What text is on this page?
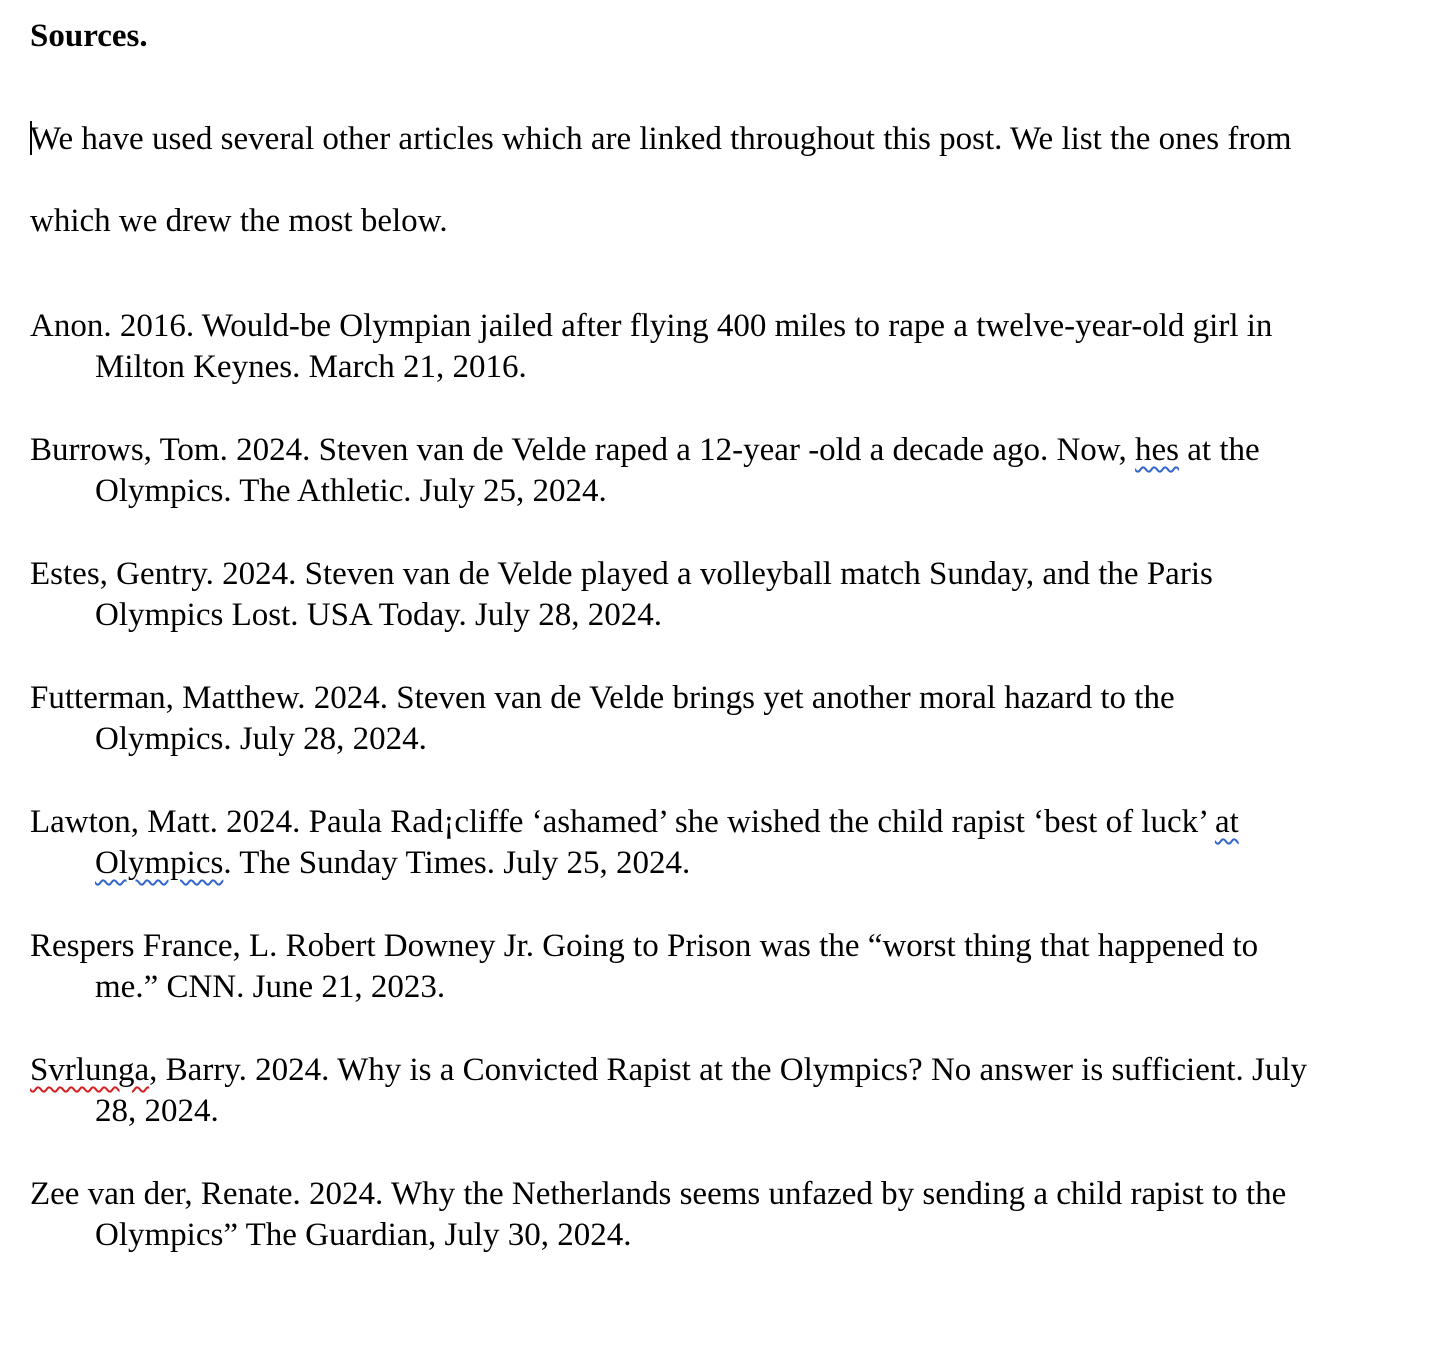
Sources.
We have used several other articles which are linked throughout this post. We list the ones from
which we drew the most below.
Anon. 2016. Would-be Olympian jailed after flying 400 miles to rape a twelve-year-old girl in
Milton Keynes. March 21, 2016.
Burrows, Tom. 2024. Steven van de Velde raped a 12-year -old a decade ago. Now, hes at the
Olympics. The Athletic. July 25, 2024.
Estes, Gentry. 2024. Steven van de Velde played a volleyball match Sunday, and the Paris
Olympics Lost. USA Today. July 28, 2024.
Futterman, Matthew. 2024. Steven van de Velde brings yet another moral hazard to the
Olympics. July 28, 2024.
Lawton, Matt. 2024. Paula Rad¡cliffe ‘ashamed’ she wished the child rapist ‘best of luck’ at
Olympics. The Sunday Times. July 25, 2024.
Respers France, L. Robert Downey Jr. Going to Prison was the “worst thing that happened to
me.” CNN. June 21, 2023.
Svrlunga, Barry. 2024. Why is a Convicted Rapist at the Olympics? No answer is sufficient. July
28, 2024.
Zee van der, Renate. 2024. Why the Netherlands seems unfazed by sending a child rapist to the
Olympics” The Guardian, July 30, 2024.
